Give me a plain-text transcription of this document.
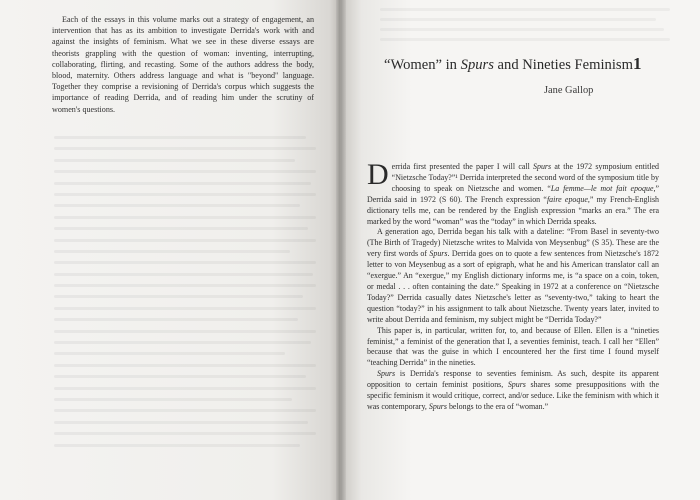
Each of the essays in this volume marks out a strategy of engagement, an intervention that has as its ambition to investigate Derrida's work with and against the insights of feminism. What we see in these diverse essays are theorists grappling with the question of woman: inventing, interrupting, collaborating, flirting, and recasting. Some of the authors address the body, blood, maternity. Others address language and what is "beyond" language. Together they comprise a revisioning of Derrida's corpus which suggests the importance of reading Derrida, and of reading him under the scrutiny of women's questions.

“Women” in Spurs and Nineties Feminism 1
Jane Gallop

Derrida first presented the paper I will call Spurs at the 1972 symposium entitled “Nietzsche Today?”¹ Derrida interpreted the second word of the symposium title by choosing to speak on Nietzsche and women. “La femme—le mot fait epoque,” Derrida said in 1972 (S 60). The French expression “faire epoque,” my French-English dictionary tells me, can be rendered by the English expression “marks an era.” The era marked by the word “woman” was the “today” in which Derrida speaks.

A generation ago, Derrida began his talk with a dateline: “From Basel in seventy-two (The Birth of Tragedy) Nietzsche writes to Malvida von Meysenbug” (S 35). These are the very first words of Spurs. Derrida goes on to quote a few sentences from Nietzsche's 1872 letter to von Meysenbug as a sort of epigraph, what he and his American translator call an “exergue.” An “exergue,” my English dictionary informs me, is “a space on a coin, token, or medal . . . often containing the date.” Speaking in 1972 at a conference on “Nietzsche Today?” Derrida casually dates Nietzsche's letter as “seventy-two,” taking to heart the question “today?” in his assignment to talk about Nietzsche. Twenty years later, invited to write about Derrida and feminism, my subject might be “Derrida Today?”

This paper is, in particular, written for, to, and because of Ellen. Ellen is a “nineties feminist,” a feminist of the generation that I, a seventies feminist, teach. I call her “Ellen” because that was the guise in which I encountered her the first time I found myself “teaching Derrida” in the nineties.

Spurs is Derrida's response to seventies feminism. As such, despite its apparent opposition to certain feminist positions, Spurs shares some presuppositions with the specific feminism it would critique, correct, and/or seduce. Like the feminism with which it was contemporary, Spurs belongs to the era of “woman.”
